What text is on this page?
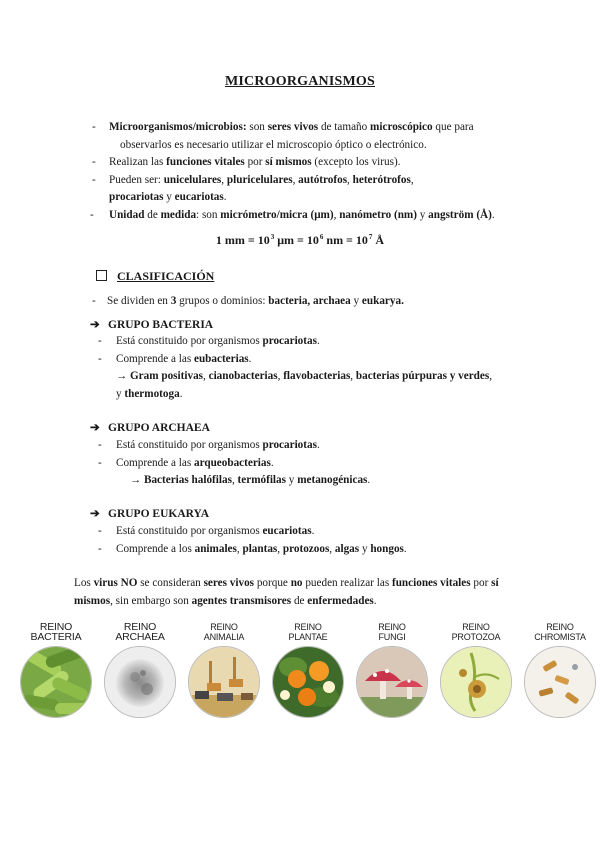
MICROORGANISMOS
- Microorganismos/microbios: son seres vivos de tamaño microscópico que para
observarlos es necesario utilizar el microscopio óptico o electrónico.
- Realizan las funciones vitales por sí mismos (excepto los virus).
- Pueden ser: unicelulares, pluricelulares, autótrofos, heterótrofos,
procariotas y eucariotas.
- Unidad de medida: son micrómetro/micra (μm), nanómetro (nm) y angström (Å).
1 mm = $10^3$ $\mu m = 10^6$ nm = $10^7$ Å
CLASIFICACIÓN
- Se dividen en 3 grupos o dominios: bacteria, archaea y eukarya.
➔ GRUPO BACTERIA
- Está constituido por organismos procariotas.
- Comprende a las eubacterias.
→ Gram positivas, cianobacterias, flavobacterias, bacterias púrpuras y verdes,
y thermotoga.
➔ GRUPO ARCHAEA
- Está constituido por organismos procariotas.
- Comprende a las arqueobacterias.
→ Bacterias halófilas, termófilas y metanogénicas.
➔ GRUPO EUKARYA
- Está constituido por organismos eucariotas.
- Comprende a los animales, plantas, protozoos, algas y hongos.
Los virus NO se consideran seres vivos porque no pueden realizar las funciones vitales por sí mismos, sin embargo son agentes transmisores de enfermedades.
REINO BACTERIA

REINO ARCHAEA

REINO
ANIMALIA
REINO
PLANTAE
REINO
FUNGI
REINO
PROTOZOA
REINO
CHROMISTA
